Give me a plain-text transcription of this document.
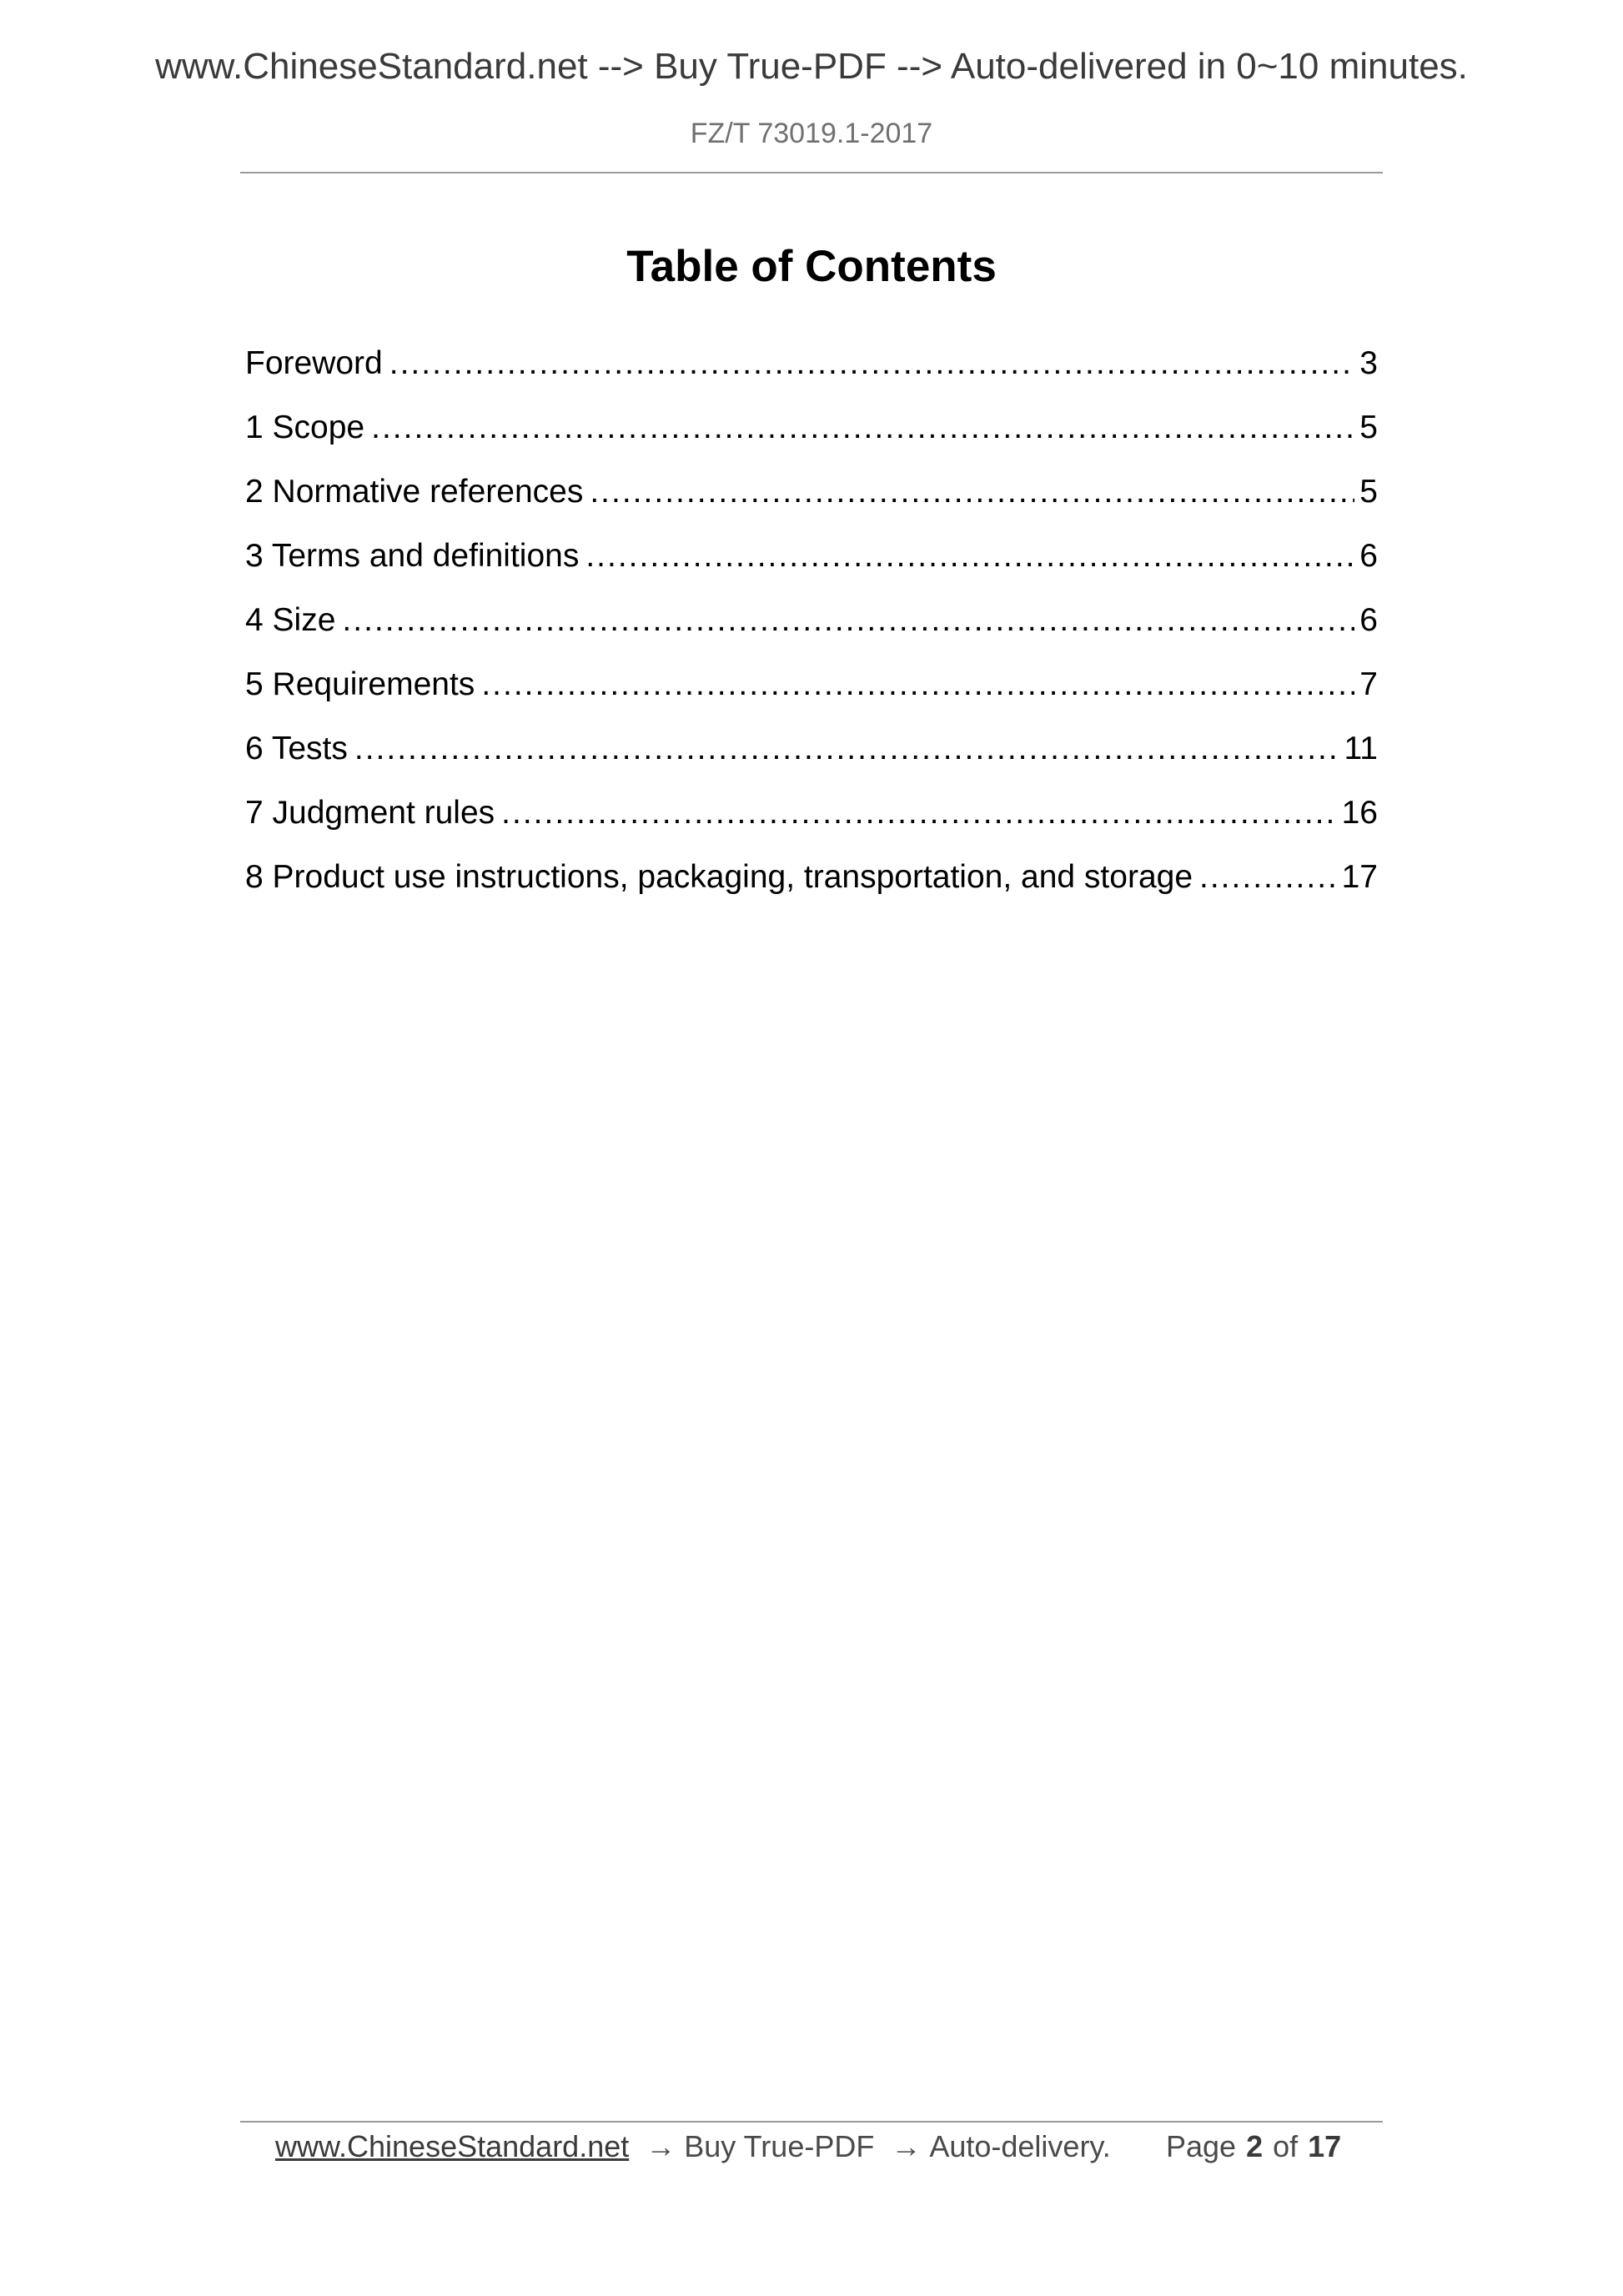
www.ChineseStandard.net --> Buy True-PDF --> Auto-delivered in 0~10 minutes.
FZ/T 73019.1-2017
Table of Contents
Foreword .....	3
1 Scope .....	5
2 Normative references .....	5
3 Terms and definitions .....	6
4 Size .....	6
5 Requirements .....	7
6 Tests .....	11
7 Judgment rules .....	16
8 Product use instructions, packaging, transportation, and storage .....	17
www.ChineseStandard.net → Buy True-PDF → Auto-delivery. Page 2 of 17
